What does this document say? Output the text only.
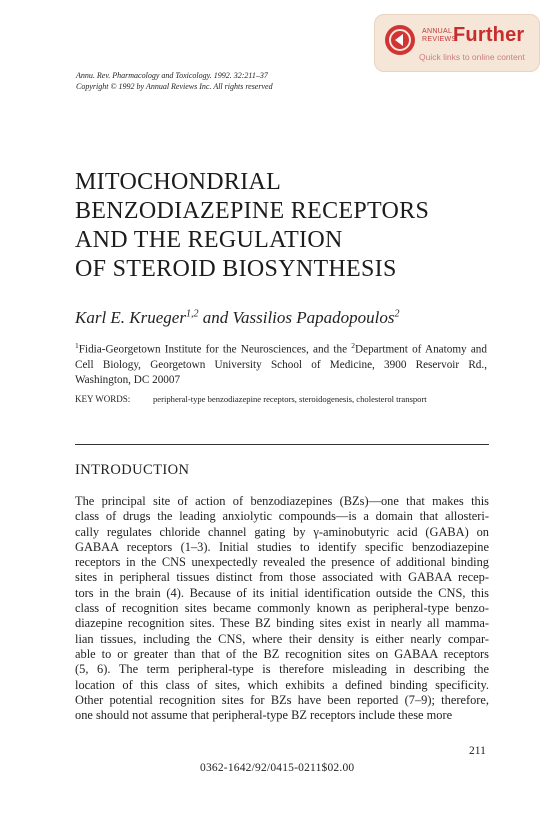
ANNUAL
REVIEWS
Further
Quick links to online content
Annu. Rev. Pharmacology and Toxicology. 1992. 32:211–37
Copyright © 1992 by Annual Reviews Inc. All rights reserved
MITOCHONDRIAL
BENZODIAZEPINE RECEPTORS
AND THE REGULATION
OF STEROID BIOSYNTHESIS
Karl E. Krueger$^{1,2}$ and Vassilios Papadopoulos$^2$
$^1$Fidia-Georgetown Institute for the Neurosciences, and the $^2$Department of Anatomy and Cell Biology, Georgetown University School of Medicine, 3900 Reservoir Rd., Washington, DC 20007
KEY WORDS:	peripheral-type benzodiazepine receptors, steroidogenesis, cholesterol transport
INTRODUCTION
The principal site of action of benzodiazepines (BZs)—one that makes this
class of drugs the leading anxiolytic compounds—is a domain that allosteri-
cally regulates chloride channel gating by γ-aminobutyric acid (GABA) on
GABAA receptors (1–3). Initial studies to identify specific benzodiazepine
receptors in the CNS unexpectedly revealed the presence of additional binding
sites in peripheral tissues distinct from those associated with GABAA recep-
tors in the brain (4). Because of its initial identification outside the CNS, this
class of recognition sites became commonly known as peripheral-type benzo-
diazepine recognition sites. These BZ binding sites exist in nearly all mamma-
lian tissues, including the CNS, where their density is either nearly compar-
able to or greater than that of the BZ recognition sites on GABAA receptors
(5, 6). The term peripheral-type is therefore misleading in describing the
location of this class of sites, which exhibits a defined binding specificity.
Other potential recognition sites for BZs have been reported (7–9); therefore,
one should not assume that peripheral-type BZ receptors include these more
211
0362-1642/92/0415-0211$02.00
